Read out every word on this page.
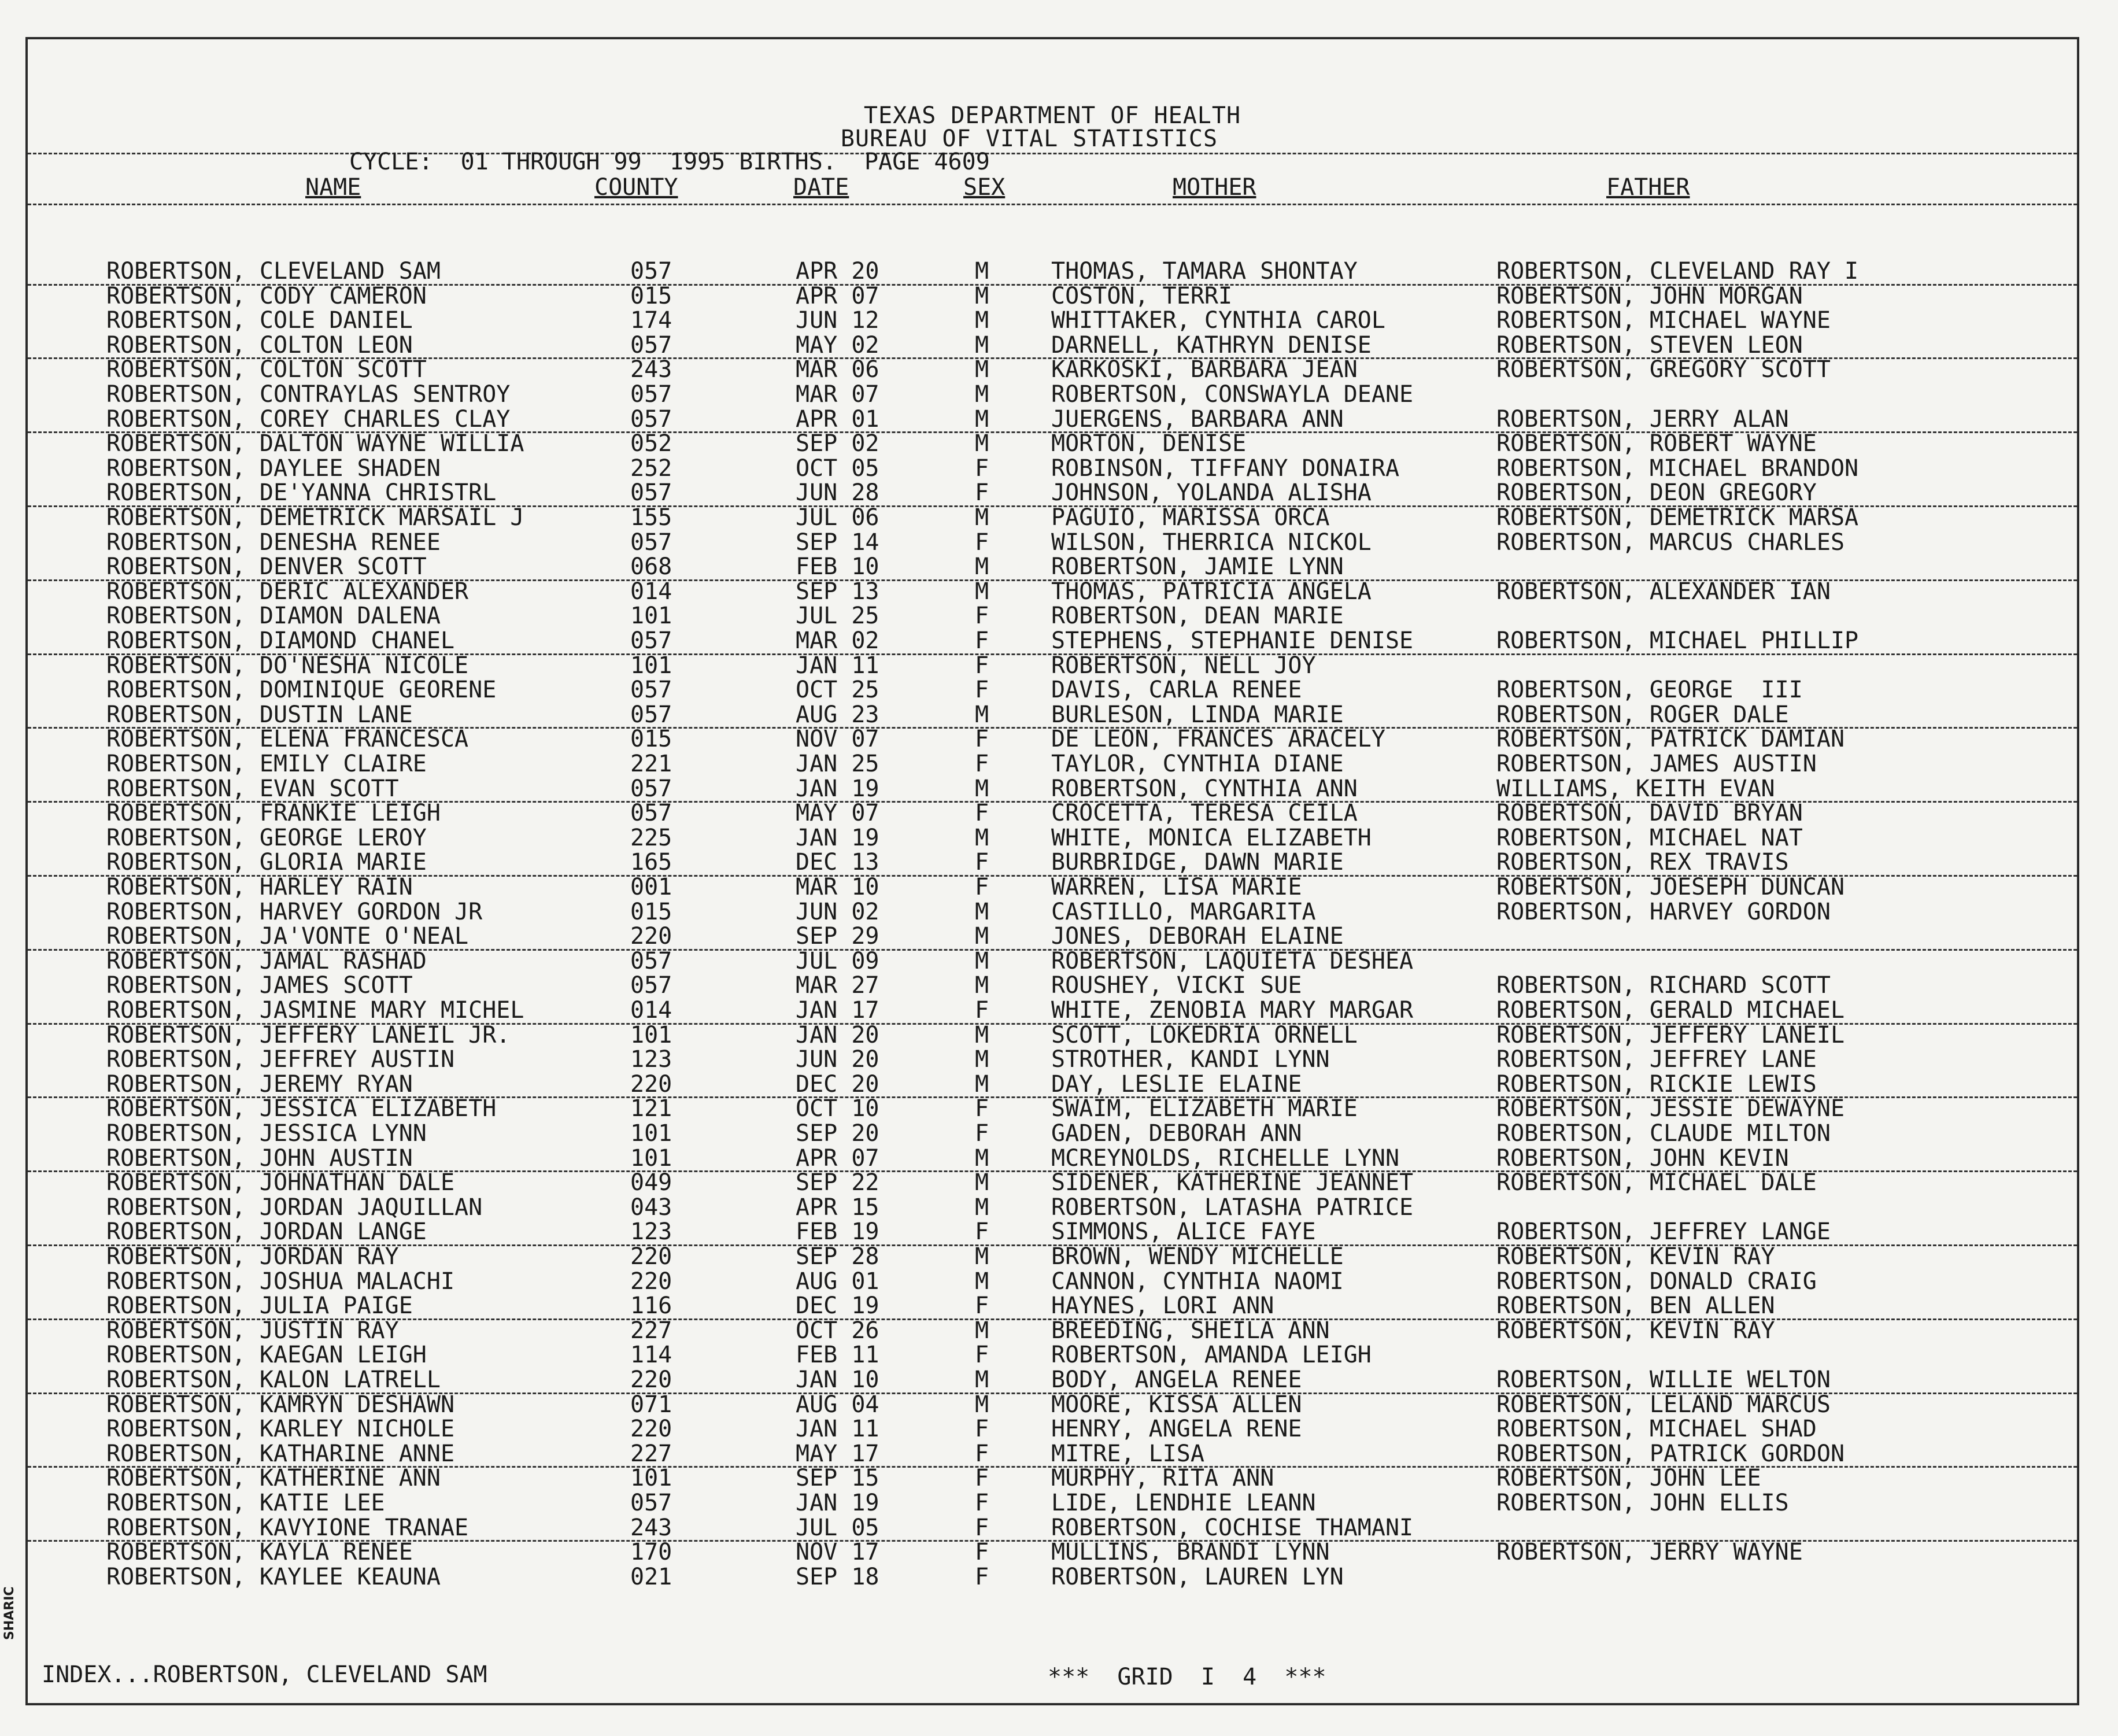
TEXAS DEPARTMENT OF HEALTH
BUREAU OF VITAL STATISTICS
CYCLE:  01 THROUGH 99  1995 BIRTHS.  PAGE 4609
NAME	COUNTY	DATE	SEX	MOTHER	FATHER
ROBERTSON, CLEVELAND SAM	057	APR 20	M	THOMAS, TAMARA SHONTAY	ROBERTSON, CLEVELAND RAY I
ROBERTSON, CODY CAMERON	015	APR 07	M	COSTON, TERRI	ROBERTSON, JOHN MORGAN
ROBERTSON, COLE DANIEL	174	JUN 12	M	WHITTAKER, CYNTHIA CAROL	ROBERTSON, MICHAEL WAYNE
ROBERTSON, COLTON LEON	057	MAY 02	M	DARNELL, KATHRYN DENISE	ROBERTSON, STEVEN LEON
ROBERTSON, COLTON SCOTT	243	MAR 06	M	KARKOSKI, BARBARA JEAN	ROBERTSON, GREGORY SCOTT
ROBERTSON, CONTRAYLAS SENTROY	057	MAR 07	M	ROBERTSON, CONSWAYLA DEANE
ROBERTSON, COREY CHARLES CLAY	057	APR 01	M	JUERGENS, BARBARA ANN	ROBERTSON, JERRY ALAN
ROBERTSON, DALTON WAYNE WILLIA	052	SEP 02	M	MORTON, DENISE	ROBERTSON, ROBERT WAYNE
ROBERTSON, DAYLEE SHADEN	252	OCT 05	F	ROBINSON, TIFFANY DONAIRA	ROBERTSON, MICHAEL BRANDON
ROBERTSON, DE'YANNA CHRISTRL	057	JUN 28	F	JOHNSON, YOLANDA ALISHA	ROBERTSON, DEON GREGORY
ROBERTSON, DEMETRICK MARSAIL J	155	JUL 06	M	PAGUIO, MARISSA ORCA	ROBERTSON, DEMETRICK MARSA
ROBERTSON, DENESHA RENEE	057	SEP 14	F	WILSON, THERRICA NICKOL	ROBERTSON, MARCUS CHARLES
ROBERTSON, DENVER SCOTT	068	FEB 10	M	ROBERTSON, JAMIE LYNN
ROBERTSON, DERIC ALEXANDER	014	SEP 13	M	THOMAS, PATRICIA ANGELA	ROBERTSON, ALEXANDER IAN
ROBERTSON, DIAMON DALENA	101	JUL 25	F	ROBERTSON, DEAN MARIE
ROBERTSON, DIAMOND CHANEL	057	MAR 02	F	STEPHENS, STEPHANIE DENISE	ROBERTSON, MICHAEL PHILLIP
ROBERTSON, DO'NESHA NICOLE	101	JAN 11	F	ROBERTSON, NELL JOY
ROBERTSON, DOMINIQUE GEORENE	057	OCT 25	F	DAVIS, CARLA RENEE	ROBERTSON, GEORGE  III
ROBERTSON, DUSTIN LANE	057	AUG 23	M	BURLESON, LINDA MARIE	ROBERTSON, ROGER DALE
ROBERTSON, ELENA FRANCESCA	015	NOV 07	F	DE LEON, FRANCES ARACELY	ROBERTSON, PATRICK DAMIAN
ROBERTSON, EMILY CLAIRE	221	JAN 25	F	TAYLOR, CYNTHIA DIANE	ROBERTSON, JAMES AUSTIN
ROBERTSON, EVAN SCOTT	057	JAN 19	M	ROBERTSON, CYNTHIA ANN	WILLIAMS, KEITH EVAN
ROBERTSON, FRANKIE LEIGH	057	MAY 07	F	CROCETTA, TERESA CEILA	ROBERTSON, DAVID BRYAN
ROBERTSON, GEORGE LEROY	225	JAN 19	M	WHITE, MONICA ELIZABETH	ROBERTSON, MICHAEL NAT
ROBERTSON, GLORIA MARIE	165	DEC 13	F	BURBRIDGE, DAWN MARIE	ROBERTSON, REX TRAVIS
ROBERTSON, HARLEY RAIN	001	MAR 10	F	WARREN, LISA MARIE	ROBERTSON, JOESEPH DUNCAN
ROBERTSON, HARVEY GORDON JR	015	JUN 02	M	CASTILLO, MARGARITA	ROBERTSON, HARVEY GORDON
ROBERTSON, JA'VONTE O'NEAL	220	SEP 29	M	JONES, DEBORAH ELAINE
ROBERTSON, JAMAL RASHAD	057	JUL 09	M	ROBERTSON, LAQUIETA DESHEA
ROBERTSON, JAMES SCOTT	057	MAR 27	M	ROUSHEY, VICKI SUE	ROBERTSON, RICHARD SCOTT
ROBERTSON, JASMINE MARY MICHEL	014	JAN 17	F	WHITE, ZENOBIA MARY MARGAR	ROBERTSON, GERALD MICHAEL
ROBERTSON, JEFFERY LANEIL JR.	101	JAN 20	M	SCOTT, LOKEDRIA ORNELL	ROBERTSON, JEFFERY LANEIL
ROBERTSON, JEFFREY AUSTIN	123	JUN 20	M	STROTHER, KANDI LYNN	ROBERTSON, JEFFREY LANE
ROBERTSON, JEREMY RYAN	220	DEC 20	M	DAY, LESLIE ELAINE	ROBERTSON, RICKIE LEWIS
ROBERTSON, JESSICA ELIZABETH	121	OCT 10	F	SWAIM, ELIZABETH MARIE	ROBERTSON, JESSIE DEWAYNE
ROBERTSON, JESSICA LYNN	101	SEP 20	F	GADEN, DEBORAH ANN	ROBERTSON, CLAUDE MILTON
ROBERTSON, JOHN AUSTIN	101	APR 07	M	MCREYNOLDS, RICHELLE LYNN	ROBERTSON, JOHN KEVIN
ROBERTSON, JOHNATHAN DALE	049	SEP 22	M	SIDENER, KATHERINE JEANNET	ROBERTSON, MICHAEL DALE
ROBERTSON, JORDAN JAQUILLAN	043	APR 15	M	ROBERTSON, LATASHA PATRICE
ROBERTSON, JORDAN LANGE	123	FEB 19	F	SIMMONS, ALICE FAYE	ROBERTSON, JEFFREY LANGE
ROBERTSON, JORDAN RAY	220	SEP 28	M	BROWN, WENDY MICHELLE	ROBERTSON, KEVIN RAY
ROBERTSON, JOSHUA MALACHI	220	AUG 01	M	CANNON, CYNTHIA NAOMI	ROBERTSON, DONALD CRAIG
ROBERTSON, JULIA PAIGE	116	DEC 19	F	HAYNES, LORI ANN	ROBERTSON, BEN ALLEN
ROBERTSON, JUSTIN RAY	227	OCT 26	M	BREEDING, SHEILA ANN	ROBERTSON, KEVIN RAY
ROBERTSON, KAEGAN LEIGH	114	FEB 11	F	ROBERTSON, AMANDA LEIGH
ROBERTSON, KALON LATRELL	220	JAN 10	M	BODY, ANGELA RENEE	ROBERTSON, WILLIE WELTON
ROBERTSON, KAMRYN DESHAWN	071	AUG 04	M	MOORE, KISSA ALLEN	ROBERTSON, LELAND MARCUS
ROBERTSON, KARLEY NICHOLE	220	JAN 11	F	HENRY, ANGELA RENE	ROBERTSON, MICHAEL SHAD
ROBERTSON, KATHARINE ANNE	227	MAY 17	F	MITRE, LISA	ROBERTSON, PATRICK GORDON
ROBERTSON, KATHERINE ANN	101	SEP 15	F	MURPHY, RITA ANN	ROBERTSON, JOHN LEE
ROBERTSON, KATIE LEE	057	JAN 19	F	LIDE, LENDHIE LEANN	ROBERTSON, JOHN ELLIS
ROBERTSON, KAVYIONE TRANAE	243	JUL 05	F	ROBERTSON, COCHISE THAMANI
ROBERTSON, KAYLA RENEE	170	NOV 17	F	MULLINS, BRANDI LYNN	ROBERTSON, JERRY WAYNE
ROBERTSON, KAYLEE KEAUNA	021	SEP 18	F	ROBERTSON, LAUREN LYN
INDEX...ROBERTSON, CLEVELAND SAM	***  GRID  I  4  ***
SHARIC
